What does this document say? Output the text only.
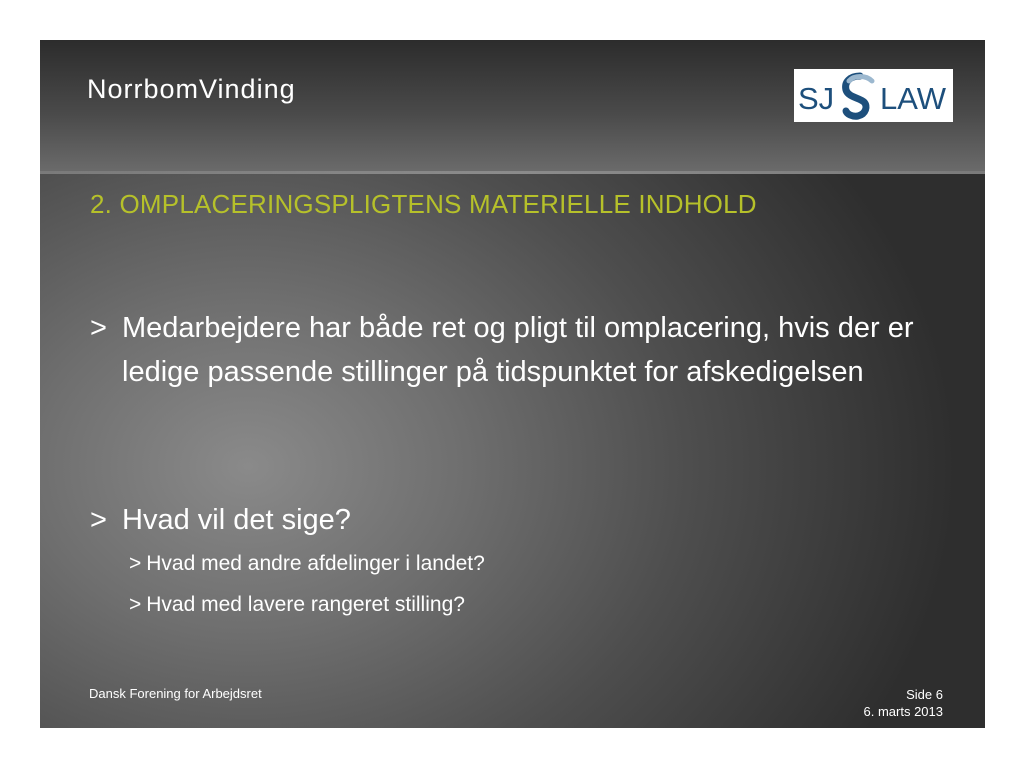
NorrbomVinding	SJ LAW
2. OMPLACERINGSPLIGTENS MATERIELLE INDHOLD
> Medarbejdere har både ret og pligt til omplacering, hvis der er ledige passende stillinger på tidspunktet for afskedigelsen
> Hvad vil det sige?
> Hvad med andre afdelinger i landet?
> Hvad med lavere rangeret stilling?
Dansk Forening for Arbejdsret	Side 6
6. marts 2013
